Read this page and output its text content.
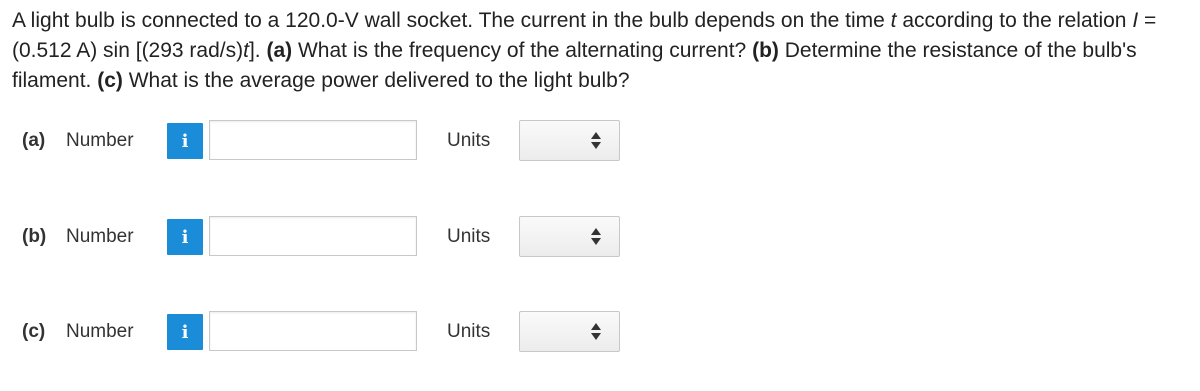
A light bulb is connected to a 120.0-V wall socket. The current in the bulb depends on the time t according to the relation I = (0.512 A) sin [(293 rad/s)t]. (a) What is the frequency of the alternating current? (b) Determine the resistance of the bulb's filament. (c) What is the average power delivered to the light bulb?
(a) Number	i	Units
(b) Number	i	Units
(c) Number	i	Units
